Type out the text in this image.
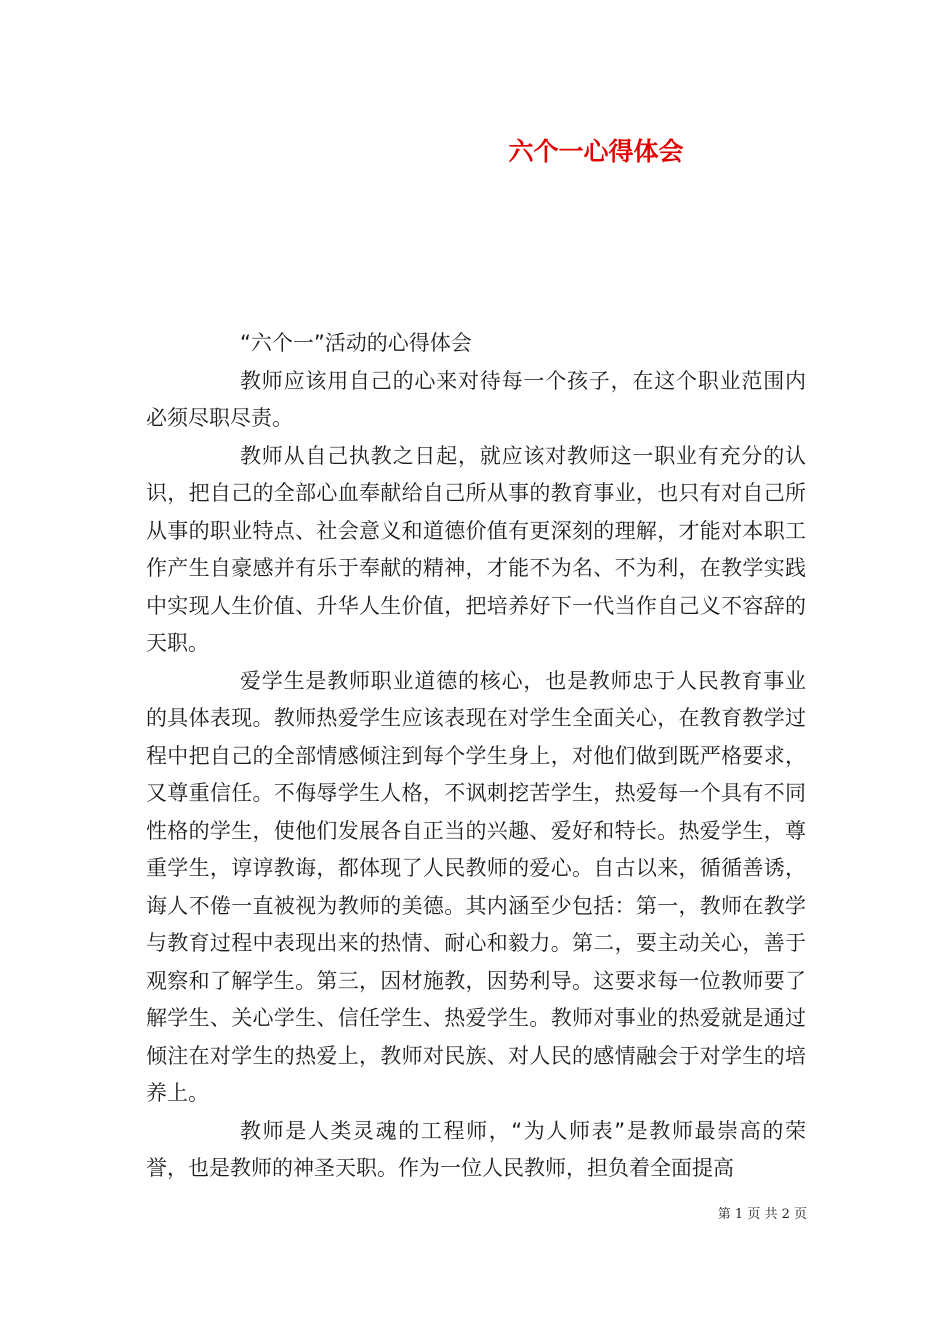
六个一心得体会

“六个一”活动的心得体会

教师应该用自己的心来对待每一个孩子，在这个职业范围内必须尽职尽责。

教师从自己执教之日起，就应该对教师这一职业有充分的认识，把自己的全部心血奉献给自己所从事的教育事业，也只有对自己所从事的职业特点、社会意义和道德价值有更深刻的理解，才能对本职工作产生自豪感并有乐于奉献的精神，才能不为名、不为利，在教学实践中实现人生价值、升华人生价值，把培养好下一代当作自己义不容辞的天职。

爱学生是教师职业道德的核心，也是教师忠于人民教育事业的具体表现。教师热爱学生应该表现在对学生全面关心，在教育教学过程中把自己的全部情感倾注到每个学生身上，对他们做到既严格要求，又尊重信任。不侮辱学生人格，不讽刺挖苦学生，热爱每一个具有不同性格的学生，使他们发展各自正当的兴趣、爱好和特长。热爱学生，尊重学生，谆谆教诲，都体现了人民教师的爱心。自古以来，循循善诱，诲人不倦一直被视为教师的美德。其内涵至少包括：第一，教师在教学与教育过程中表现出来的热情、耐心和毅力。第二，要主动关心，善于观察和了解学生。第三，因材施教，因势利导。这要求每一位教师要了解学生、关心学生、信任学生、热爱学生。教师对事业的热爱就是通过倾注在对学生的热爱上，教师对民族、对人民的感情融会于对学生的培养上。

教师是人类灵魂的工程师，“为人师表”是教师最崇高的荣誉，也是教师的神圣天职。作为一位人民教师，担负着全面提高

第 1 页 共 2 页
